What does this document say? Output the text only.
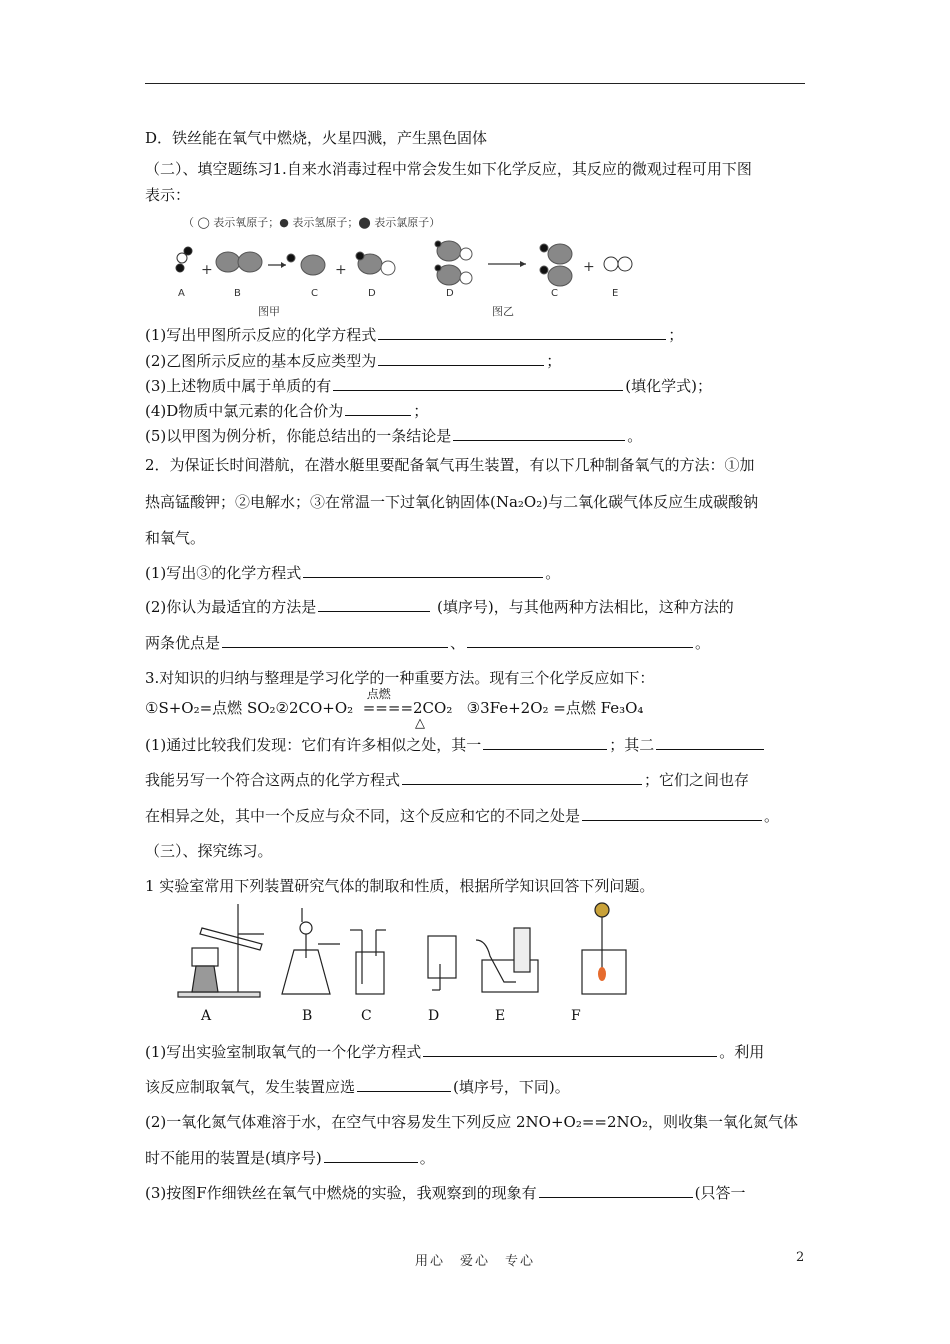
D．铁丝能在氧气中燃烧，火星四溅，产生黑色固体
（二）、填空题练习1.自来水消毒过程中常会发生如下化学反应，其反应的微观过程可用下图
表示：
（ ◯ 表示氧原子；● 表示氢原子；⬤ 表示氯原子）
+	+	+
A	B	C	D	D	C	E
图甲	图乙
(1)写出甲图所示反应的化学方程式	；
(2)乙图所示反应的基本反应类型为	；
(3)上述物质中属于单质的有	(填化学式)；
(4)D物质中氯元素的化合价为	；
(5)以甲图为例分析，你能总结出的一条结论是	。
2．为保证长时间潜航，在潜水艇里要配备氧气再生装置，有以下几种制备氧气的方法：①加
热高锰酸钾；②电解水；③在常温一下过氧化钠固体(Na₂O₂)与二氧化碳气体反应生成碳酸钠
和氧气。
(1)写出③的化学方程式	。
(2)你认为最适宜的方法是	(填序号)，与其他两种方法相比，这种方法的
两条优点是	、	。
3.对知识的归纳与整理是学习化学的一种重要方法。现有三个化学反应如下：
①S+O₂=点燃 SO₂②2CO+O₂
点燃
====2CO₂ ③3Fe+2O₂ =点燃 Fe₃O₄
△
(1)通过比较我们发现：它们有许多相似之处，其一	；其二
我能另写一个符合这两点的化学方程式	；它们之间也存
在相异之处，其中一个反应与众不同，这个反应和它的不同之处是	。
（三）、探究练习。
1 实验室常用下列装置研究气体的制取和性质，根据所学知识回答下列问题。
A	B	C	D	E	F
(1)写出实验室制取氧气的一个化学方程式	。利用
该反应制取氧气，发生装置应选	(填序号，下同)。
(2)一氧化氮气体难溶于水，在空气中容易发生下列反应 2NO+O₂==2NO₂，则收集一氧化氮气体
时不能用的装置是(填序号)	。
(3)按图F作细铁丝在氧气中燃烧的实验，我观察到的现象有	(只答一
用心　爱心　专心	2
